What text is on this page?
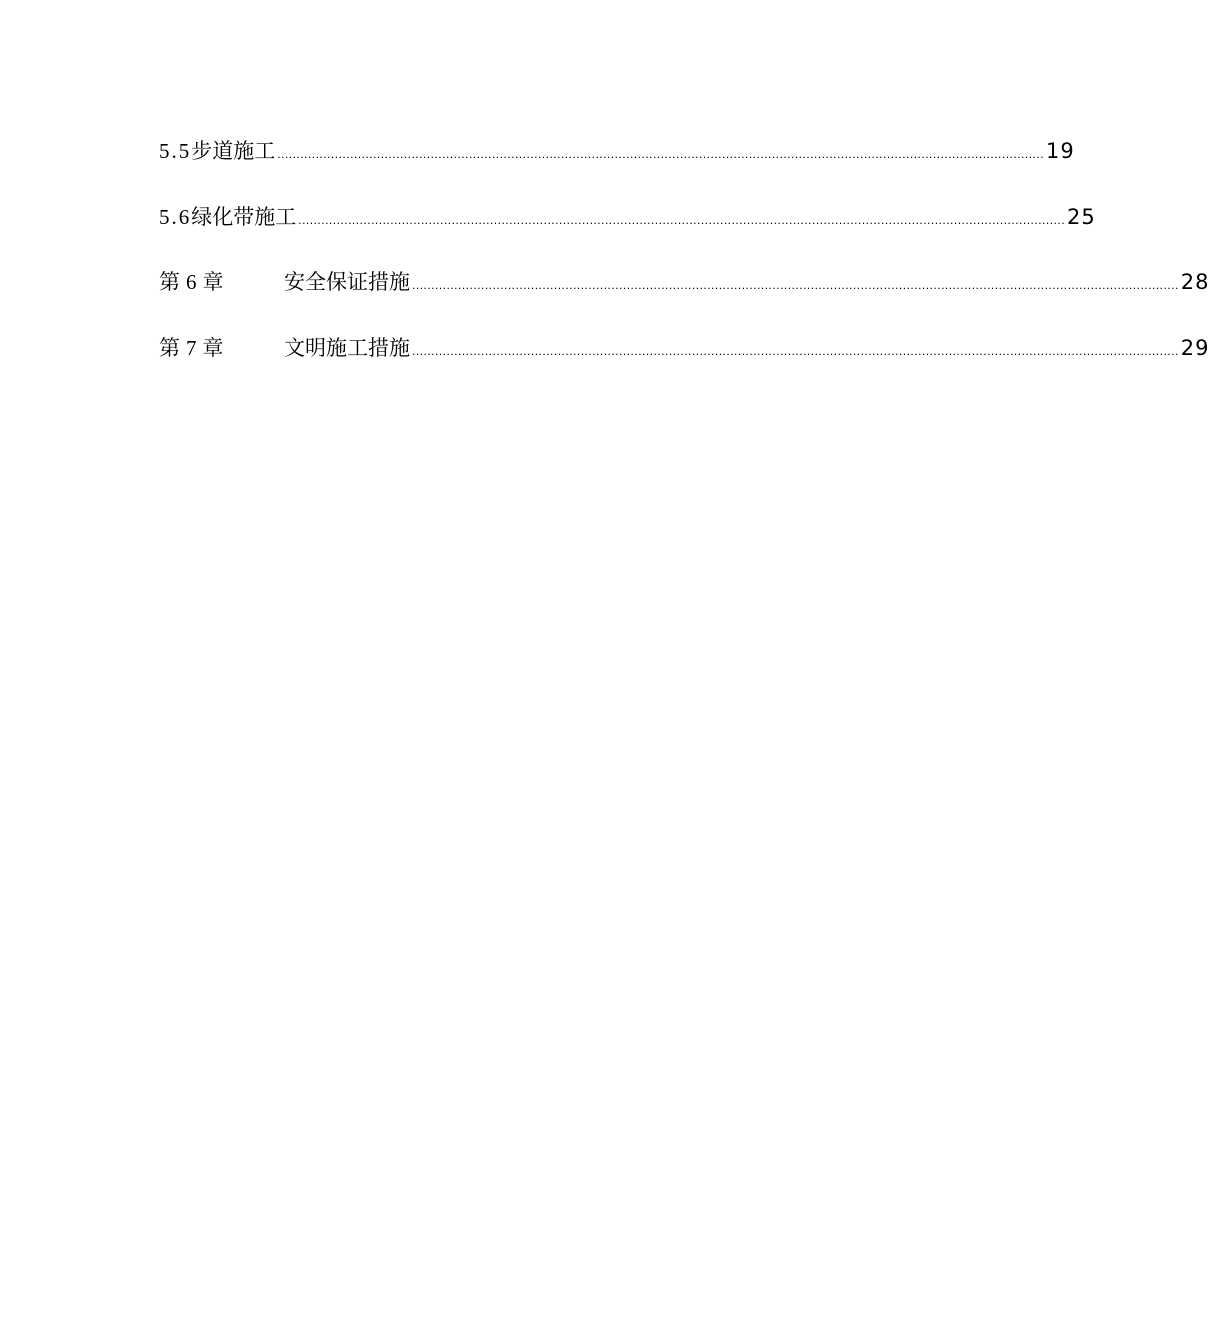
5.5步道施工 ........................................................................................................................................................................................................ 19
5.6绿化带施工 ........................................................................................................................................................................................................ 25
第 6 章	安全保证措施 ........................................................................................................................................................................................................ 28
第 7 章	文明施工措施 ........................................................................................................................................................................................................ 29
